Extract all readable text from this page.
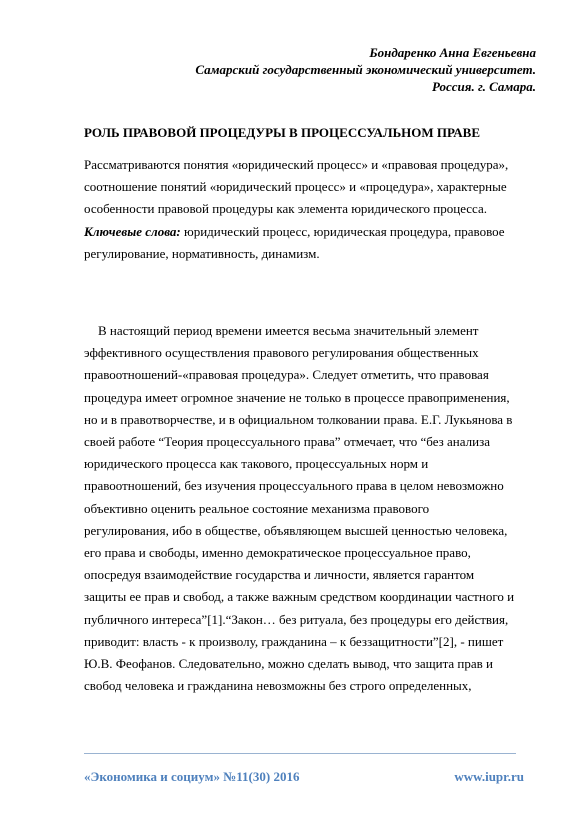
Бондаренко Анна Евгеньевна
Самарский государственный экономический университет.
Россия. г. Самара.
РОЛЬ ПРАВОВОЙ ПРОЦЕДУРЫ В ПРОЦЕССУАЛЬНОМ ПРАВЕ
Рассматриваются понятия «юридический процесс» и «правовая процедура»,
соотношение понятий «юридический процесс» и «процедура», характерные
особенности правовой процедуры как элемента юридического процесса.
Ключевые слова: юридический процесс, юридическая процедура, правовое
регулирование, нормативность, динамизм.
В настоящий период времени имеется весьма значительный элемент
эффективного осуществления правового регулирования общественных
правоотношений-«правовая процедура». Следует отметить, что правовая
процедура имеет огромное значение не только в процессе правоприменения,
но и в правотворчестве, и в официальном толковании права. Е.Г. Лукьянова в
своей работе “Теория процессуального права” отмечает, что “без анализа
юридического процесса как такового, процессуальных норм и
правоотношений, без изучения процессуального права в целом невозможно
объективно оценить реальное состояние механизма правового
регулирования, ибо в обществе, объявляющем высшей ценностью человека,
его права и свободы, именно демократическое процессуальное право,
опосредуя взаимодействие государства и личности, является гарантом
защиты ее прав и свобод, а также важным средством координации частного и
публичного интереса”[1].“Закон… без ритуала, без процедуры его действия,
приводит: власть - к произволу, гражданина – к беззащитности”[2], - пишет
Ю.В. Феофанов. Следовательно, можно сделать вывод, что защита прав и
свобод человека и гражданина невозможны без строго определенных,
«Экономика и социум» №11(30) 2016	www.iupr.ru
